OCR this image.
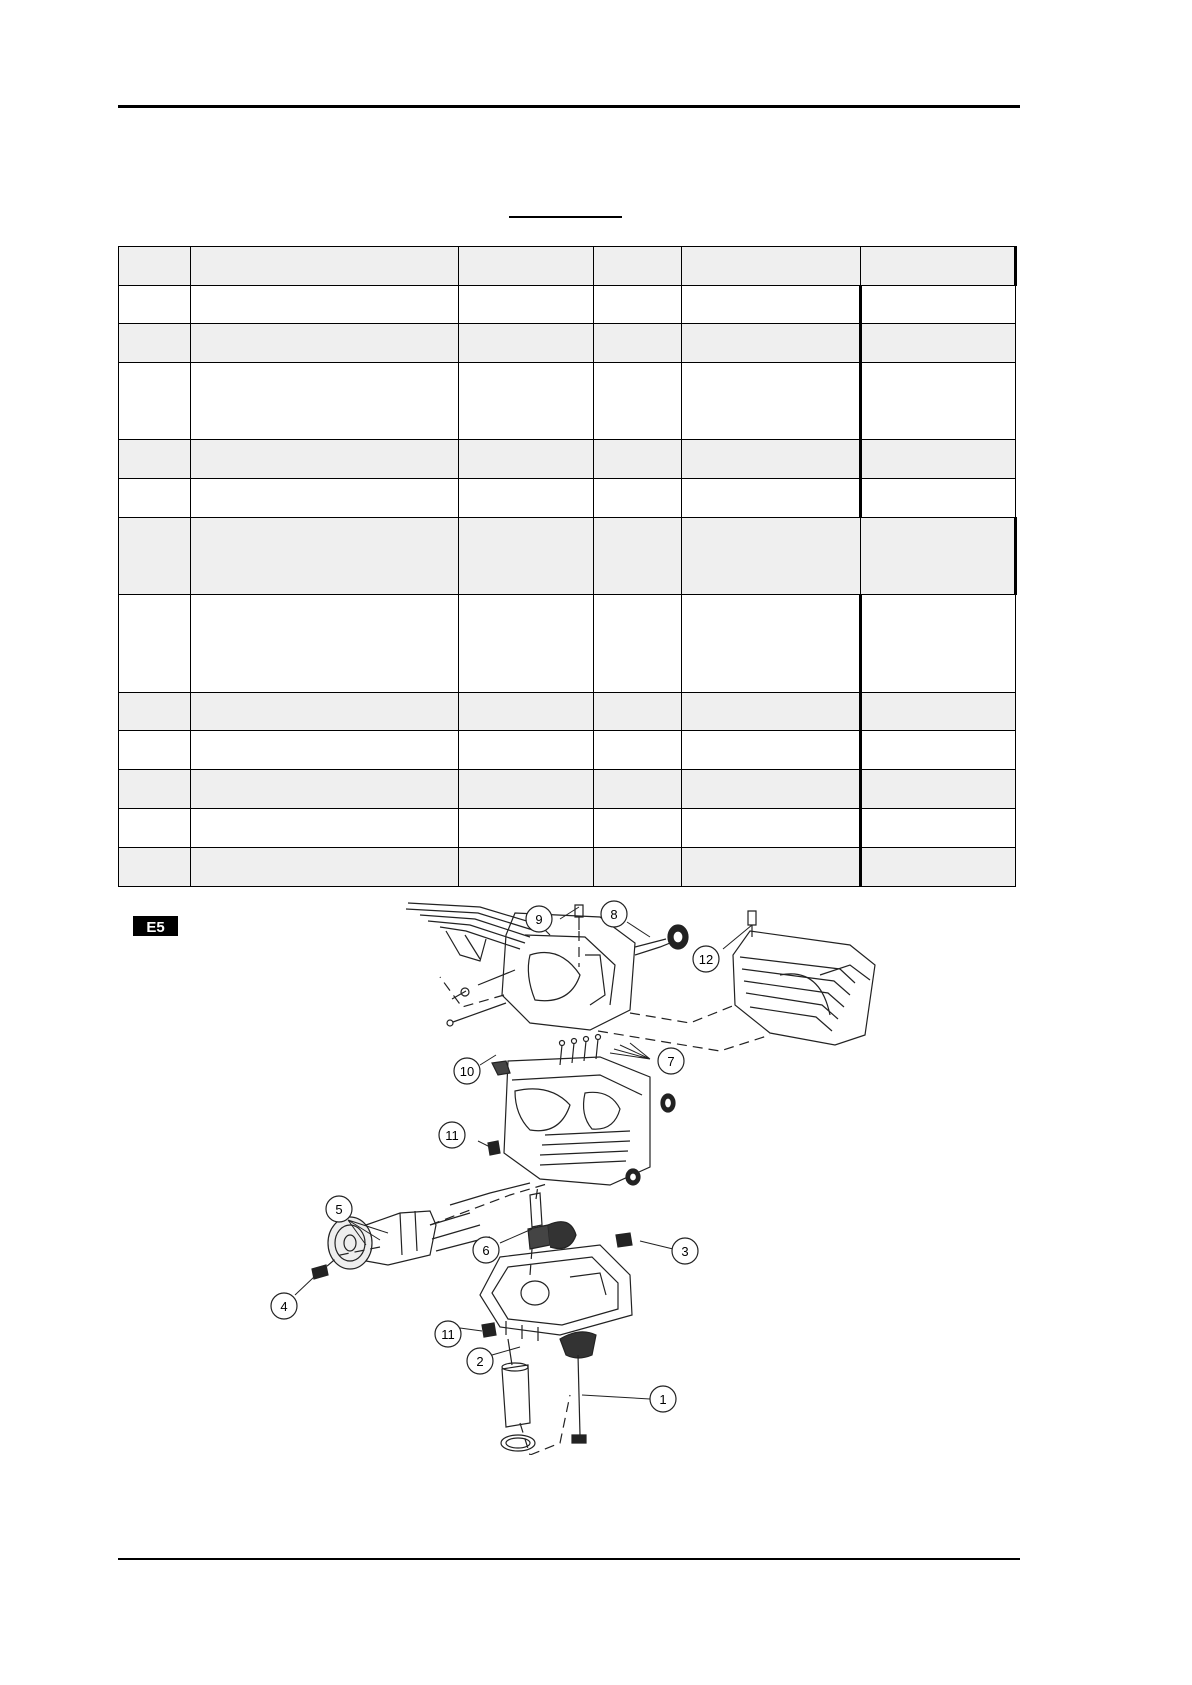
E5	9	8
12
7
10
11
5
6	3
4
11
2
1
